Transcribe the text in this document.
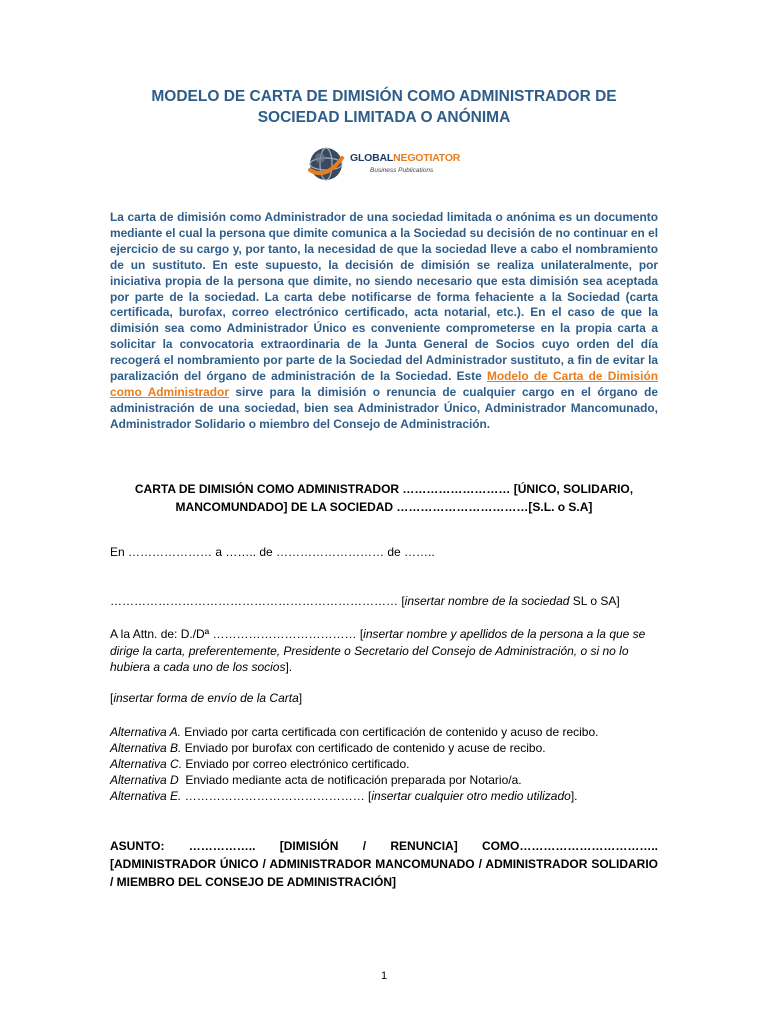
MODELO DE CARTA DE DIMISIÓN COMO ADMINISTRADOR DE
SOCIEDAD LIMITADA O ANÓNIMA
GLOBALNEGOTIATOR
Business Publications
La carta de dimisión como Administrador de una sociedad limitada o anónima es un documento mediante el cual la persona que dimite comunica a la Sociedad su decisión de no continuar en el ejercicio de su cargo y, por tanto, la necesidad de que la sociedad lleve a cabo el nombramiento de un sustituto. En este supuesto, la decisión de dimisión se realiza unilateralmente, por iniciativa propia de la persona que dimite, no siendo necesario que esta dimisión sea aceptada por parte de la sociedad. La carta debe notificarse de forma fehaciente a la Sociedad (carta certificada, burofax, correo electrónico certificado, acta notarial, etc.). En el caso de que la dimisión sea como Administrador Único es conveniente comprometerse en la propia carta a solicitar la convocatoria extraordinaria de la Junta General de Socios cuyo orden del día recogerá el nombramiento por parte de la Sociedad del Administrador sustituto, a fin de evitar la paralización del órgano de administración de la Sociedad. Este Modelo de Carta de Dimisión como Administrador sirve para la dimisión o renuncia de cualquier cargo en el órgano de administración de una sociedad, bien sea Administrador Único, Administrador Mancomunado, Administrador Solidario o miembro del Consejo de Administración.
CARTA DE DIMISIÓN COMO ADMINISTRADOR ……………………… [ÚNICO, SOLIDARIO,
MANCOMUNDADO] DE LA SOCIEDAD ……………………………[S.L. o S.A]
En ………………… a …….. de ……………………… de ……..
……………………………………………………………… [insertar nombre de la sociedad SL o SA]
A la Attn. de: D./Dª ……………………………… [insertar nombre y apellidos de la persona a la que se dirige la carta, preferentemente, Presidente o Secretario del Consejo de Administración, o si no lo hubiera a cada uno de los socios].
[insertar forma de envío de la Carta]
Alternativa A. Enviado por carta certificada con certificación de contenido y acuso de recibo.
Alternativa B. Enviado por burofax con certificado de contenido y acuse de recibo.
Alternativa C. Enviado por correo electrónico certificado.
Alternativa D  Enviado mediante acta de notificación preparada por Notario/a.
Alternativa E. ……………………………………… [insertar cualquier otro medio utilizado].
ASUNTO: …………….. [DIMISIÓN / RENUNCIA] COMO…………………………….. [ADMINISTRADOR ÚNICO / ADMINISTRADOR MANCOMUNADO / ADMINISTRADOR SOLIDARIO / MIEMBRO DEL CONSEJO DE ADMINISTRACIÓN]
1
